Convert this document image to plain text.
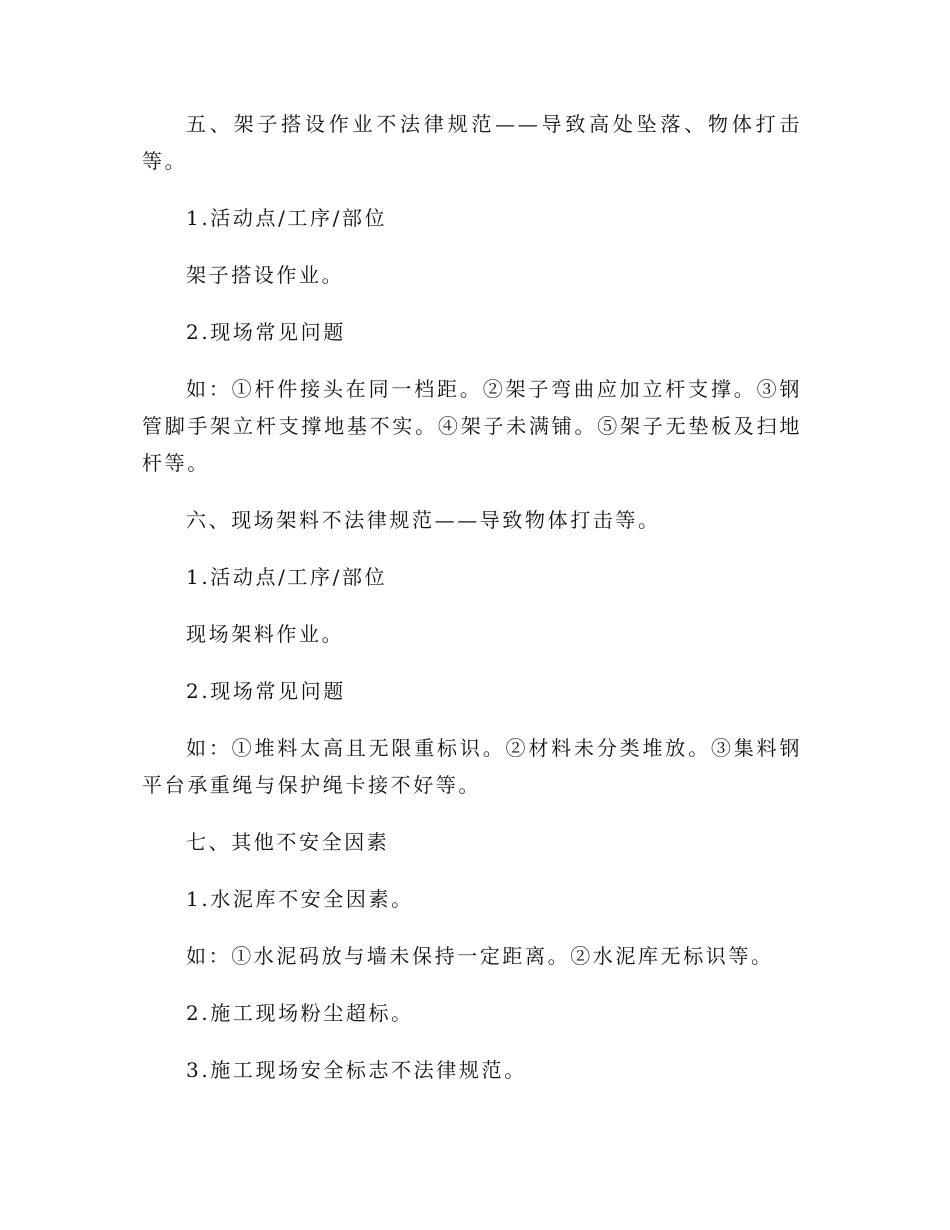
五、架子搭设作业不法律规范——导致高处坠落、物体打击等。

1.活动点/工序/部位

架子搭设作业。

2.现场常见问题

如：①杆件接头在同一档距。②架子弯曲应加立杆支撑。③钢管脚手架立杆支撑地基不实。④架子未满铺。⑤架子无垫板及扫地杆等。

六、现场架料不法律规范——导致物体打击等。

1.活动点/工序/部位

现场架料作业。

2.现场常见问题

如：①堆料太高且无限重标识。②材料未分类堆放。③集料钢平台承重绳与保护绳卡接不好等。

七、其他不安全因素

1.水泥库不安全因素。

如：①水泥码放与墙未保持一定距离。②水泥库无标识等。

2.施工现场粉尘超标。

3.施工现场安全标志不法律规范。
